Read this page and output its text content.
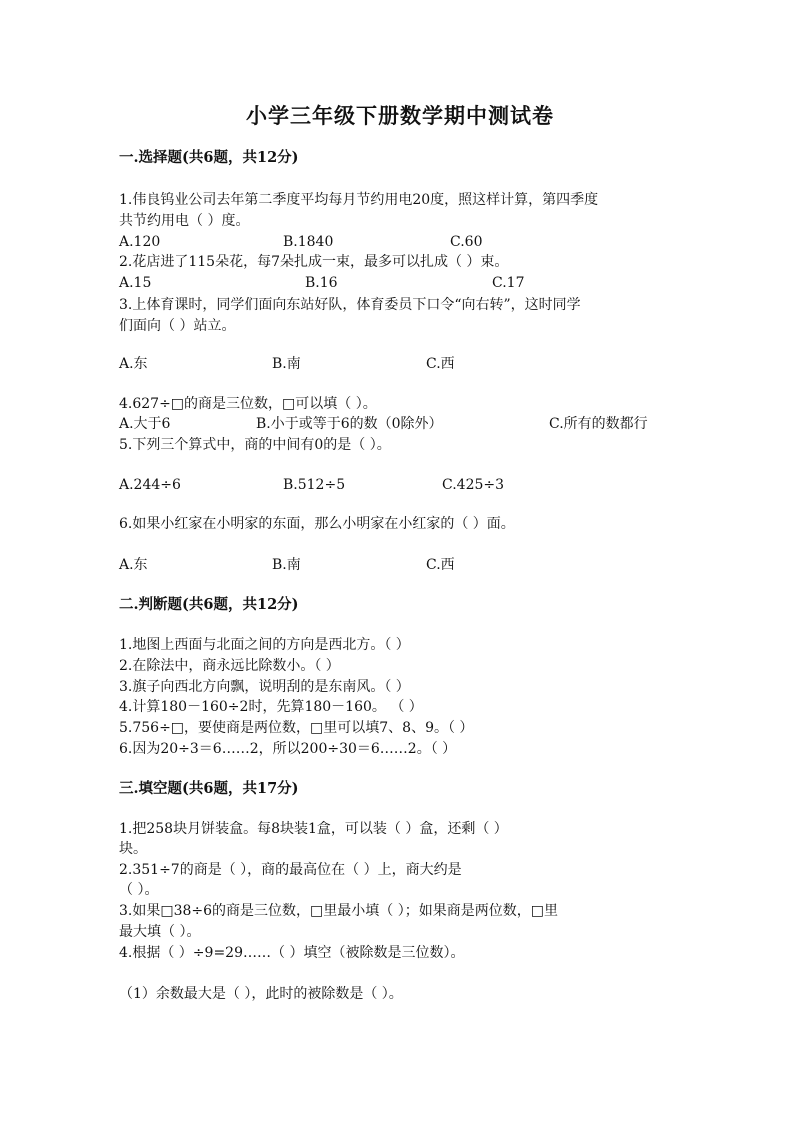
小学三年级下册数学期中测试卷
一.选择题(共6题，共12分)
1.伟良钨业公司去年第二季度平均每月节约用电20度，照这样计算，第四季度
共节约用电（ ）度。
A.120	B.1840	C.60
2.花店进了115朵花，每7朵扎成一束，最多可以扎成（ ）束。
A.15	B.16	C.17
3.上体育课时，同学们面向东站好队，体育委员下口令“向右转”，这时同学
们面向（ ）站立。
A.东	B.南	C.西
4.627÷□的商是三位数，□可以填（ ）。
A.大于6	B.小于或等于6的数（0除外）	C.所有的数都行
5.下列三个算式中，商的中间有0的是（ ）。
A.244÷6	B.512÷5	C.425÷3
6.如果小红家在小明家的东面，那么小明家在小红家的（ ）面。
A.东	B.南	C.西
二.判断题(共6题，共12分)
1.地图上西面与北面之间的方向是西北方。（ ）
2.在除法中，商永远比除数小。（ ）
3.旗子向西北方向飘，说明刮的是东南风。（ ）
4.计算180－160÷2时，先算180－160。 （ ）
5.756÷□，要使商是两位数，□里可以填7、8、9。（ ）
6.因为20÷3＝6……2，所以200÷30＝6……2。（ ）
三.填空题(共6题，共17分)
1.把258块月饼装盒。每8块装1盒，可以装（ ）盒，还剩（ ）
块。
2.351÷7的商是（ ），商的最高位在（ ）上，商大约是
（ ）。
3.如果□38÷6的商是三位数，□里最小填（ ）；如果商是两位数，□里
最大填（ ）。
4.根据（ ）÷9=29……（ ）填空（被除数是三位数）。
（1）余数最大是（ ），此时的被除数是（ ）。
